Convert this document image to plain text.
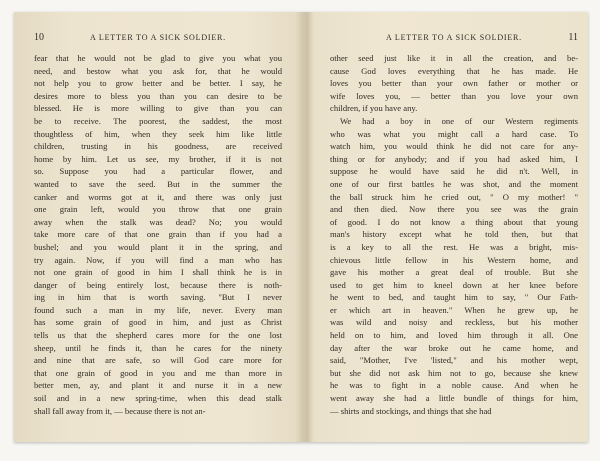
10	A LETTER TO A SICK SOLDIER.
fear that he would not be glad to give you what you
need, and bestow what you ask for, that he would
not help you to grow better and be better. I say, he
desires more to bless you than you can desire to be
blessed. He is more willing to give than you can
be to receive. The poorest, the saddest, the most
thoughtless of him, when they seek him like little
children, trusting in his goodness, are received
home by him. Let us see, my brother, if it is not
so. Suppose you had a particular flower, and
wanted to save the seed. But in the summer the
canker and worms got at it, and there was only just
one grain left, would you throw that one grain
away when the stalk was dead? No; you would
take more care of that one grain than if you had a
bushel; and you would plant it in the spring, and
try again. Now, if you will find a man who has
not one grain of good in him I shall think he is in
danger of being entirely lost, because there is noth-
ing in him that is worth saving. "But I never
found such a man in my life, never. Every man
has some grain of good in him, and just as Christ
tells us that the shepherd cares more for the one lost
sheep, until he finds it, than he cares for the ninety
and nine that are safe, so will God care more for
that one grain of good in you and me than more in
better men, ay, and plant it and nurse it in a new
soil and in a new spring-time, when this dead stalk
shall fall away from it, — because there is not an-
A LETTER TO A SICK SOLDIER.	11
other seed just like it in all the creation, and be-
cause God loves everything that he has made. He
loves you better than your own father or mother or
wife loves you, — better than you love your own
children, if you have any.
We had a boy in one of our Western regiments
who was what you might call a hard case. To
watch him, you would think he did not care for any-
thing or for anybody; and if you had asked him, I
suppose he would have said he did n't. Well, in
one of our first battles he was shot, and the moment
the ball struck him he cried out, " O my mother! "
and then died. Now there you see was the grain
of good. I do not know a thing about that young
man's history except what he told then, but that
is a key to all the rest. He was a bright, mis-
chievous little fellow in his Western home, and
gave his mother a great deal of trouble. But she
used to get him to kneel down at her knee before
he went to bed, and taught him to say, " Our Fath-
er which art in heaven." When he grew up, he
was wild and noisy and reckless, but his mother
held on to him, and loved him through it all. One
day after the war broke out he came home, and
said, "Mother, I've 'listed," and his mother wept,
but she did not ask him not to go, because she knew
he was to fight in a noble cause. And when he
went away she had a little bundle of things for him,
— shirts and stockings, and things that she had
